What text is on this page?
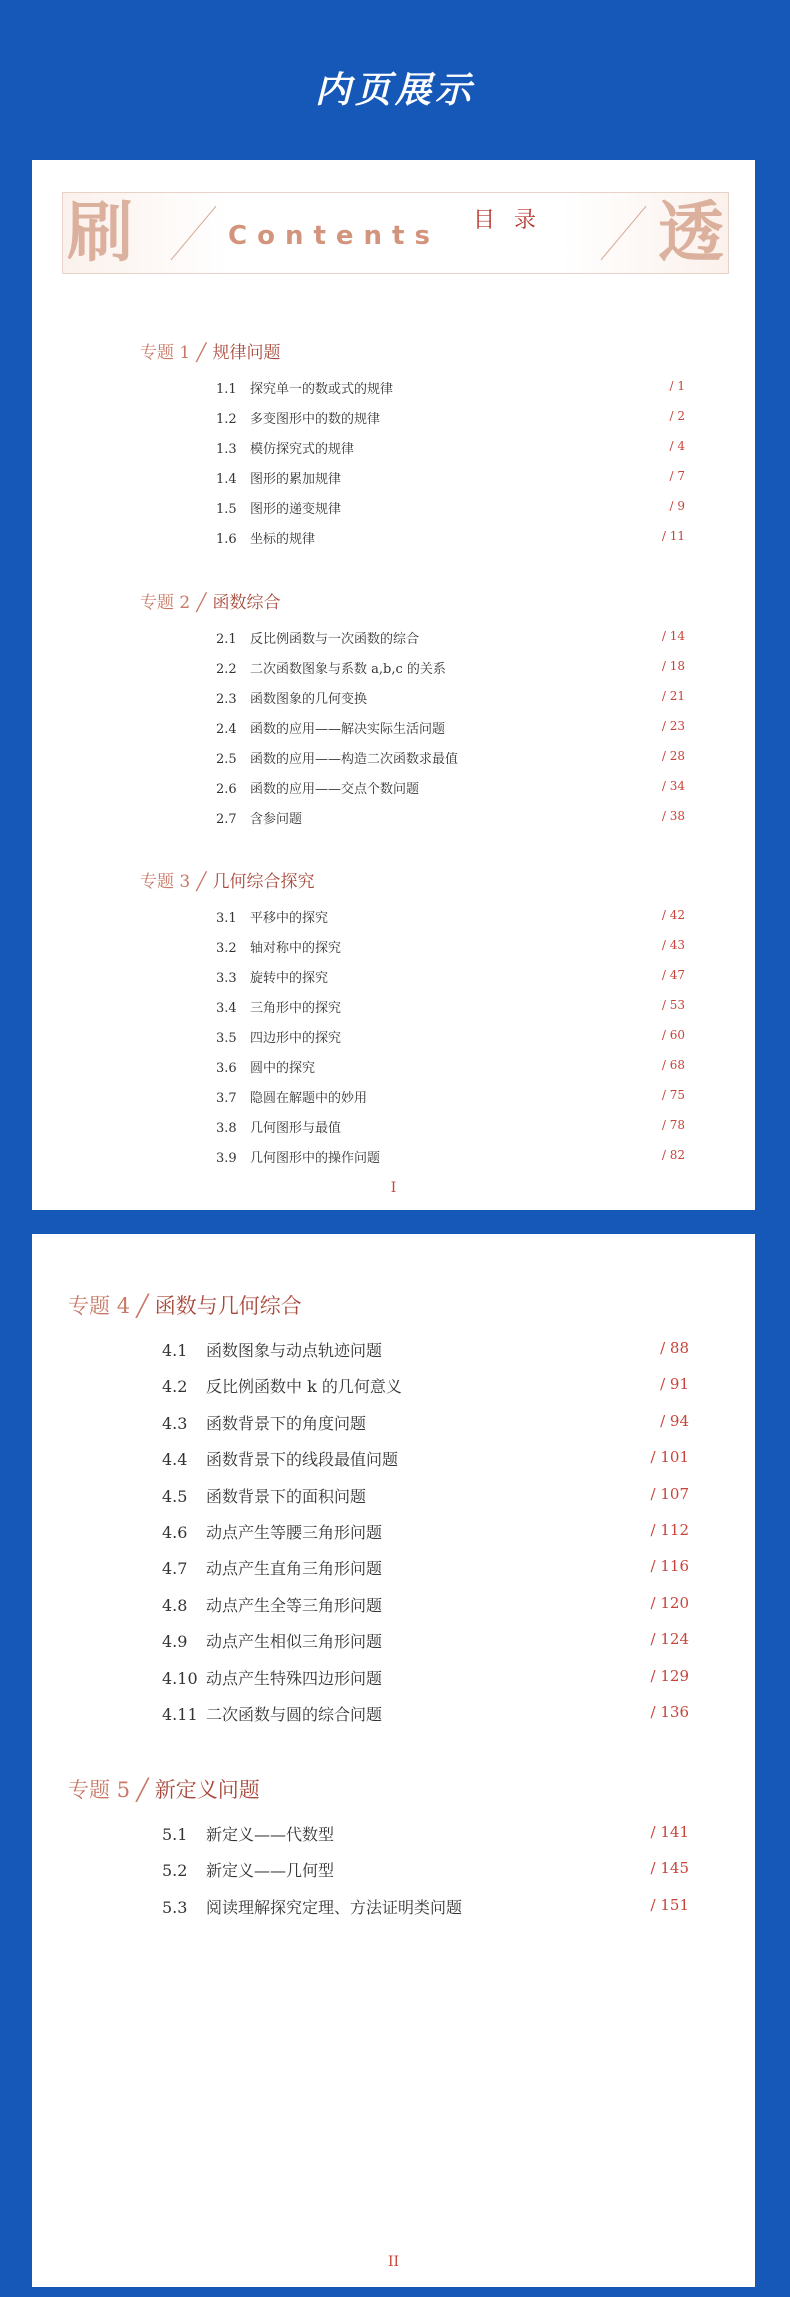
内页展示
刷	Contents
目 录 透
专题 1 ╱ 规律问题
1.1 探究单一的数或式的规律	/ 1
1.2 多变图形中的数的规律	/ 2
1.3 模仿探究式的规律	/ 4
1.4 图形的累加规律	/ 7
1.5 图形的递变规律	/ 9
1.6 坐标的规律	/ 11
专题 2 ╱ 函数综合
2.1 反比例函数与一次函数的综合	/ 14
2.2 二次函数图象与系数 a,b,c 的关系	/ 18
2.3 函数图象的几何变换	/ 21
2.4 函数的应用——解决实际生活问题	/ 23
2.5 函数的应用——构造二次函数求最值	/ 28
2.6 函数的应用——交点个数问题	/ 34
2.7 含参问题	/ 38
专题 3 ╱ 几何综合探究
3.1 平移中的探究	/ 42
3.2 轴对称中的探究	/ 43
3.3 旋转中的探究	/ 47
3.4 三角形中的探究	/ 53
3.5 四边形中的探究	/ 60
3.6 圆中的探究	/ 68
3.7 隐圆在解题中的妙用	/ 75
3.8 几何图形与最值	/ 78
3.9 几何图形中的操作问题	/ 82
I
专题 4 ╱ 函数与几何综合
4.1 函数图象与动点轨迹问题	/ 88
4.2 反比例函数中 k 的几何意义	/ 91
4.3 函数背景下的角度问题	/ 94
4.4 函数背景下的线段最值问题	/ 101
4.5 函数背景下的面积问题	/ 107
4.6 动点产生等腰三角形问题	/ 112
4.7 动点产生直角三角形问题	/ 116
4.8 动点产生全等三角形问题	/ 120
4.9 动点产生相似三角形问题	/ 124
4.10 动点产生特殊四边形问题	/ 129
4.11 二次函数与圆的综合问题	/ 136
专题 5 ╱ 新定义问题
5.1 新定义——代数型	/ 141
5.2 新定义——几何型	/ 145
5.3 阅读理解探究定理、方法证明类问题	/ 151
II
